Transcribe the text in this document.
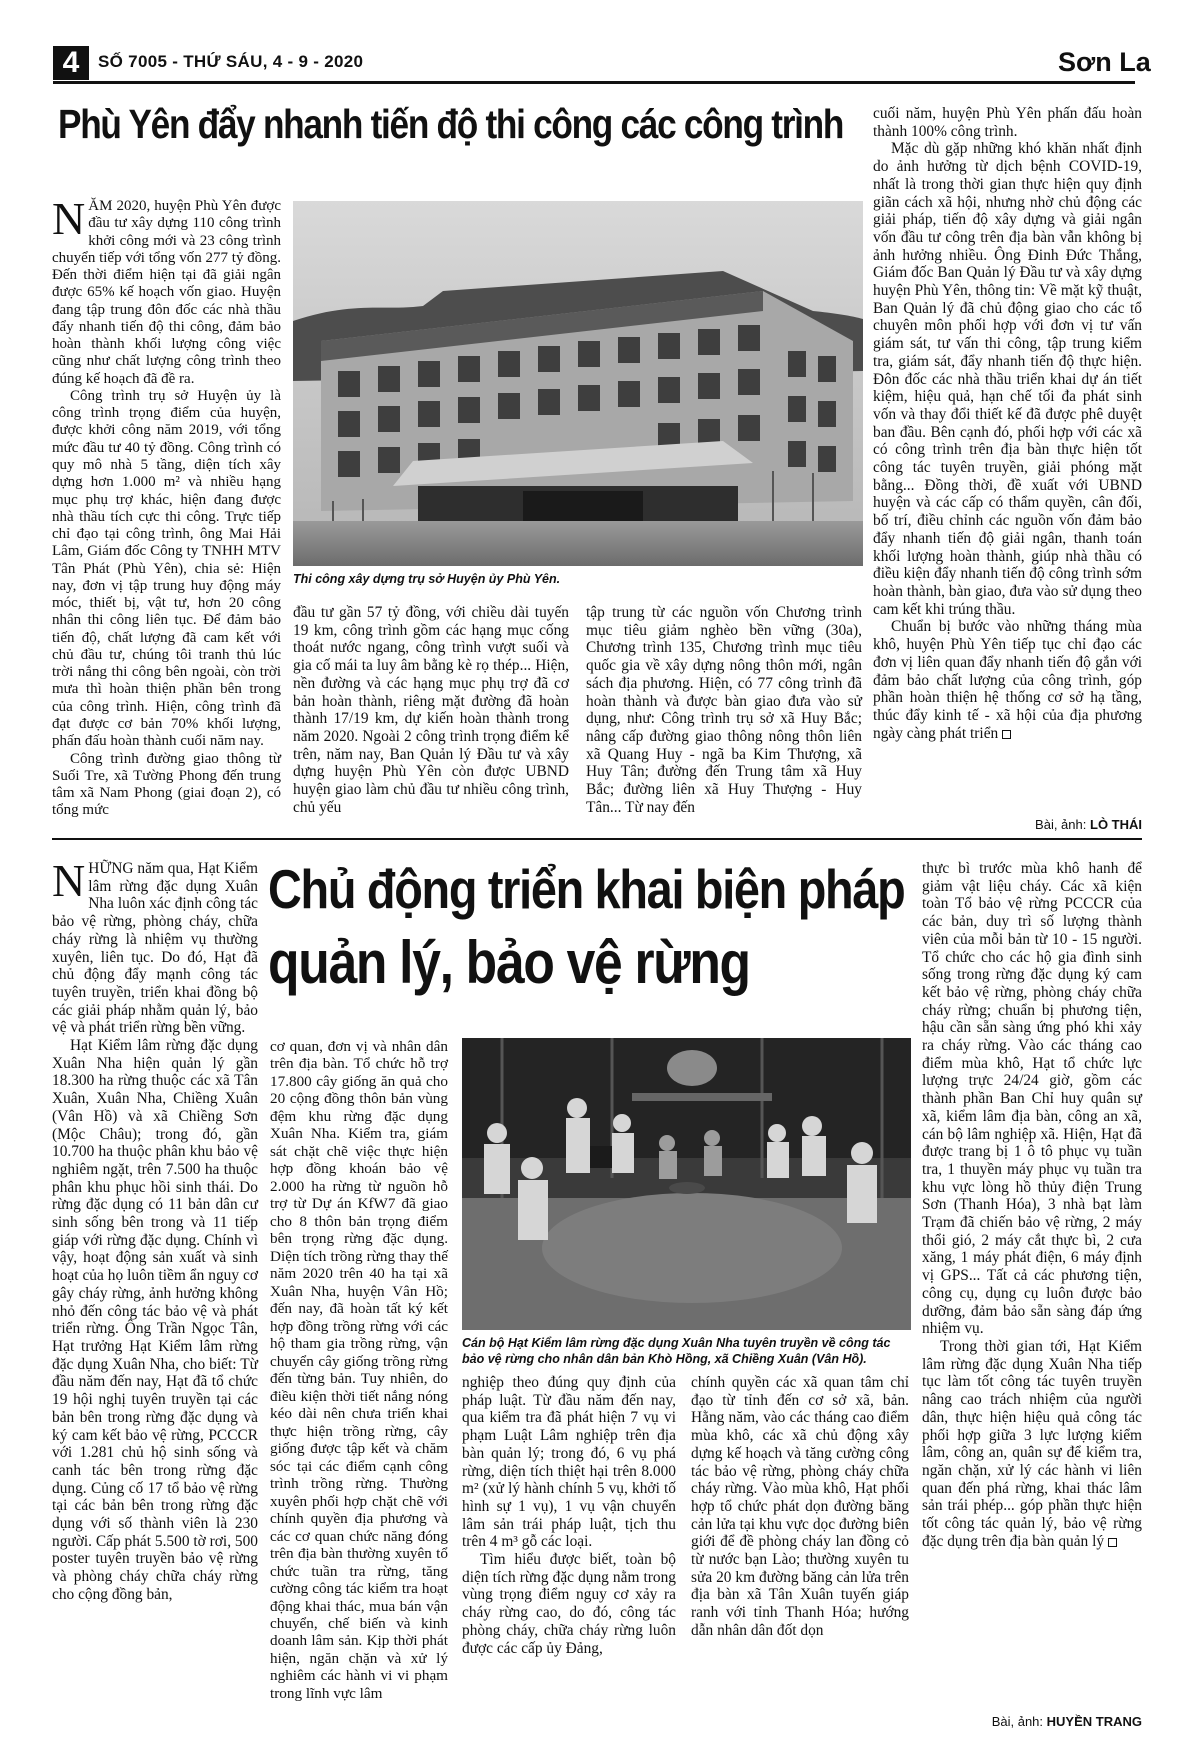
4	SỐ 7005 - THỨ SÁU, 4 - 9 - 2020	Sơn La
Phù Yên đẩy nhanh tiến độ thi công các công trình

NĂM 2020, huyện Phù Yên được đầu tư xây dựng 110 công trình khởi công mới và 23 công trình chuyển tiếp với tổng vốn 277 tỷ đồng. Đến thời điểm hiện tại đã giải ngân được 65% kế hoạch vốn giao. Huyện đang tập trung đôn đốc các nhà thầu đẩy nhanh tiến độ thi công, đảm bảo hoàn thành khối lượng công việc cũng như chất lượng công trình theo đúng kế hoạch đã đề ra.

Công trình trụ sở Huyện ủy là công trình trọng điểm của huyện, được khởi công năm 2019, với tổng mức đầu tư 40 tỷ đồng. Công trình có quy mô nhà 5 tầng, diện tích xây dựng hơn 1.000 m² và nhiều hạng mục phụ trợ khác, hiện đang được nhà thầu tích cực thi công. Trực tiếp chỉ đạo tại công trình, ông Mai Hải Lâm, Giám đốc Công ty TNHH MTV Tân Phát (Phù Yên), chia sẻ: Hiện nay, đơn vị tập trung huy động máy móc, thiết bị, vật tư, hơn 20 công nhân thi công liên tục. Để đảm bảo tiến độ, chất lượng đã cam kết với chủ đầu tư, chúng tôi tranh thủ lúc trời nắng thi công bên ngoài, còn trời mưa thì hoàn thiện phần bên trong của công trình. Hiện, công trình đã đạt được cơ bản 70% khối lượng, phấn đấu hoàn thành cuối năm nay.

Công trình đường giao thông từ Suối Tre, xã Tường Phong đến trung tâm xã Nam Phong (giai đoạn 2), có tổng mức

Thi công xây dựng trụ sở Huyện ủy Phù Yên.

đầu tư gần 57 tỷ đồng, với chiều dài tuyến 19 km, công trình gồm các hạng mục cống thoát nước ngang, công trình vượt suối và gia cố mái ta luy âm bằng kè rọ thép... Hiện, nền đường và các hạng mục phụ trợ đã cơ bản hoàn thành, riêng mặt đường đã hoàn thành 17/19 km, dự kiến hoàn thành trong năm 2020. Ngoài 2 công trình trọng điểm kể trên, năm nay, Ban Quản lý Đầu tư và xây dựng huyện Phù Yên còn được UBND huyện giao làm chủ đầu tư nhiều công trình, chủ yếu

tập trung từ các nguồn vốn Chương trình mục tiêu giảm nghèo bền vững (30a), Chương trình 135, Chương trình mục tiêu quốc gia về xây dựng nông thôn mới, ngân sách địa phương. Hiện, có 77 công trình đã hoàn thành và được bàn giao đưa vào sử dụng, như: Công trình trụ sở xã Huy Bắc; nâng cấp đường giao thông nông thôn liên xã Quang Huy - ngã ba Kim Thượng, xã Huy Tân; đường đến Trung tâm xã Huy Bắc; đường liên xã Huy Thượng - Huy Tân... Từ nay đến

cuối năm, huyện Phù Yên phấn đấu hoàn thành 100% công trình.

Mặc dù gặp những khó khăn nhất định do ảnh hưởng từ dịch bệnh COVID-19, nhất là trong thời gian thực hiện quy định giãn cách xã hội, nhưng nhờ chủ động các giải pháp, tiến độ xây dựng và giải ngân vốn đầu tư công trên địa bàn vẫn không bị ảnh hưởng nhiều. Ông Đinh Đức Thắng, Giám đốc Ban Quản lý Đầu tư và xây dựng huyện Phù Yên, thông tin: Về mặt kỹ thuật, Ban Quản lý đã chủ động giao cho các tổ chuyên môn phối hợp với đơn vị tư vấn giám sát, tư vấn thi công, tập trung kiểm tra, giám sát, đẩy nhanh tiến độ thực hiện. Đôn đốc các nhà thầu triển khai dự án tiết kiệm, hiệu quả, hạn chế tối đa phát sinh vốn và thay đổi thiết kế đã được phê duyệt ban đầu. Bên cạnh đó, phối hợp với các xã có công trình trên địa bàn thực hiện tốt công tác tuyên truyền, giải phóng mặt bằng... Đồng thời, đề xuất với UBND huyện và các cấp có thẩm quyền, cân đối, bố trí, điều chỉnh các nguồn vốn đảm bảo đẩy nhanh tiến độ giải ngân, thanh toán khối lượng hoàn thành, giúp nhà thầu có điều kiện đẩy nhanh tiến độ công trình sớm hoàn thành, bàn giao, đưa vào sử dụng theo cam kết khi trúng thầu.

Chuẩn bị bước vào những tháng mùa khô, huyện Phù Yên tiếp tục chỉ đạo các đơn vị liên quan đẩy nhanh tiến độ gắn với đảm bảo chất lượng của công trình, góp phần hoàn thiện hệ thống cơ sở hạ tầng, thúc đẩy kinh tế - xã hội của địa phương ngày càng phát triển

Bài, ảnh: LÒ THÁI
Chủ động triển khai biện pháp
quản lý, bảo vệ rừng

NHỮNG năm qua, Hạt Kiểm lâm rừng đặc dụng Xuân Nha luôn xác định công tác bảo vệ rừng, phòng cháy, chữa cháy rừng là nhiệm vụ thường xuyên, liên tục. Do đó, Hạt đã chủ động đẩy mạnh công tác tuyên truyền, triển khai đồng bộ các giải pháp nhằm quản lý, bảo vệ và phát triển rừng bền vững.

Hạt Kiểm lâm rừng đặc dụng Xuân Nha hiện quản lý gần 18.300 ha rừng thuộc các xã Tân Xuân, Xuân Nha, Chiềng Xuân (Vân Hồ) và xã Chiềng Sơn (Mộc Châu); trong đó, gần 10.700 ha thuộc phân khu bảo vệ nghiêm ngặt, trên 7.500 ha thuộc phân khu phục hồi sinh thái. Do rừng đặc dụng có 11 bản dân cư sinh sống bên trong và 11 tiếp giáp với rừng đặc dụng. Chính vì vậy, hoạt động sản xuất và sinh hoạt của họ luôn tiềm ẩn nguy cơ gây cháy rừng, ảnh hưởng không nhỏ đến công tác bảo vệ và phát triển rừng. Ông Trần Ngọc Tân, Hạt trưởng Hạt Kiểm lâm rừng đặc dụng Xuân Nha, cho biết: Từ đầu năm đến nay, Hạt đã tổ chức 19 hội nghị tuyên truyền tại các bản bên trong rừng đặc dụng và ký cam kết bảo vệ rừng, PCCCR với 1.281 chủ hộ sinh sống và canh tác bên trong rừng đặc dụng. Củng cố 17 tổ bảo vệ rừng tại các bản bên trong rừng đặc dụng với số thành viên là 230 người. Cấp phát 5.500 tờ rơi, 500 poster tuyên truyền bảo vệ rừng và phòng cháy chữa cháy rừng cho cộng đồng bản,

cơ quan, đơn vị và nhân dân trên địa bàn. Tổ chức hỗ trợ 17.800 cây giống ăn quả cho 20 cộng đồng thôn bản vùng đệm khu rừng đặc dụng Xuân Nha. Kiểm tra, giám sát chặt chẽ việc thực hiện hợp đồng khoán bảo vệ 2.000 ha rừng từ nguồn hỗ trợ từ Dự án KfW7 đã giao cho 8 thôn bản trọng điểm bên trọng rừng đặc dụng. Diện tích trồng rừng thay thế năm 2020 trên 40 ha tại xã Xuân Nha, huyện Vân Hồ; đến nay, đã hoàn tất ký kết hợp đồng trồng rừng với các hộ tham gia trồng rừng, vận chuyển cây giống trồng rừng đến từng bản. Tuy nhiên, do điều kiện thời tiết nắng nóng kéo dài nên chưa triển khai thực hiện trồng rừng, cây giống được tập kết và chăm sóc tại các điểm cạnh công trình trồng rừng. Thường xuyên phối hợp chặt chẽ với chính quyền địa phương và các cơ quan chức năng đóng trên địa bàn thường xuyên tổ chức tuần tra rừng, tăng cường công tác kiểm tra hoạt động khai thác, mua bán vận chuyển, chế biến và kinh doanh lâm sản. Kịp thời phát hiện, ngăn chặn và xử lý nghiêm các hành vi vi phạm trong lĩnh vực lâm

Cán bộ Hạt Kiểm lâm rừng đặc dụng Xuân Nha tuyên truyền về công tác bảo vệ rừng cho nhân dân bản Khò Hồng, xã Chiềng Xuân (Vân Hồ).

nghiệp theo đúng quy định của pháp luật. Từ đầu năm đến nay, qua kiểm tra đã phát hiện 7 vụ vi phạm Luật Lâm nghiệp trên địa bàn quản lý; trong đó, 6 vụ phá rừng, diện tích thiệt hại trên 8.000 m² (xử lý hành chính 5 vụ, khởi tố hình sự 1 vụ), 1 vụ vận chuyển lâm sản trái pháp luật, tịch thu trên 4 m³ gỗ các loại.

Tìm hiểu được biết, toàn bộ diện tích rừng đặc dụng nằm trong vùng trọng điểm nguy cơ xảy ra cháy rừng cao, do đó, công tác phòng cháy, chữa cháy rừng luôn được các cấp ủy Đảng,

chính quyền các xã quan tâm chỉ đạo từ tỉnh đến cơ sở xã, bản. Hằng năm, vào các tháng cao điểm mùa khô, các xã chủ động xây dựng kế hoạch và tăng cường công tác bảo vệ rừng, phòng cháy chữa cháy rừng. Vào mùa khô, Hạt phối hợp tổ chức phát dọn đường băng cản lửa tại khu vực dọc đường biên giới để đề phòng cháy lan đồng cỏ từ nước bạn Lào; thường xuyên tu sửa 20 km đường băng cản lửa trên địa bàn xã Tân Xuân tuyến giáp ranh với tỉnh Thanh Hóa; hướng dẫn nhân dân đốt dọn

thực bì trước mùa khô hanh để giảm vật liệu cháy. Các xã kiện toàn Tổ bảo vệ rừng PCCCR của các bản, duy trì số lượng thành viên của mỗi bản từ 10 - 15 người. Tổ chức cho các hộ gia đình sinh sống trong rừng đặc dụng ký cam kết bảo vệ rừng, phòng cháy chữa cháy rừng; chuẩn bị phương tiện, hậu cần sẵn sàng ứng phó khi xảy ra cháy rừng. Vào các tháng cao điểm mùa khô, Hạt tổ chức lực lượng trực 24/24 giờ, gồm các thành phần Ban Chỉ huy quân sự xã, kiểm lâm địa bàn, công an xã, cán bộ lâm nghiệp xã. Hiện, Hạt đã được trang bị 1 ô tô phục vụ tuần tra, 1 thuyền máy phục vụ tuần tra khu vực lòng hồ thủy điện Trung Sơn (Thanh Hóa), 3 nhà bạt làm Trạm đã chiến bảo vệ rừng, 2 máy thổi gió, 2 máy cắt thực bì, 2 cưa xăng, 1 máy phát điện, 6 máy định vị GPS... Tất cả các phương tiện, công cụ, dụng cụ luôn được bảo dưỡng, đảm bảo sẵn sàng đáp ứng nhiệm vụ.

Trong thời gian tới, Hạt Kiểm lâm rừng đặc dụng Xuân Nha tiếp tục làm tốt công tác tuyên truyền nâng cao trách nhiệm của người dân, thực hiện hiệu quả công tác phối hợp giữa 3 lực lượng kiểm lâm, công an, quân sự để kiểm tra, ngăn chặn, xử lý các hành vi liên quan đến phá rừng, khai thác lâm sản trái phép... góp phần thực hiện tốt công tác quản lý, bảo vệ rừng đặc dụng trên địa bàn quản lý

Bài, ảnh: HUYỀN TRANG
